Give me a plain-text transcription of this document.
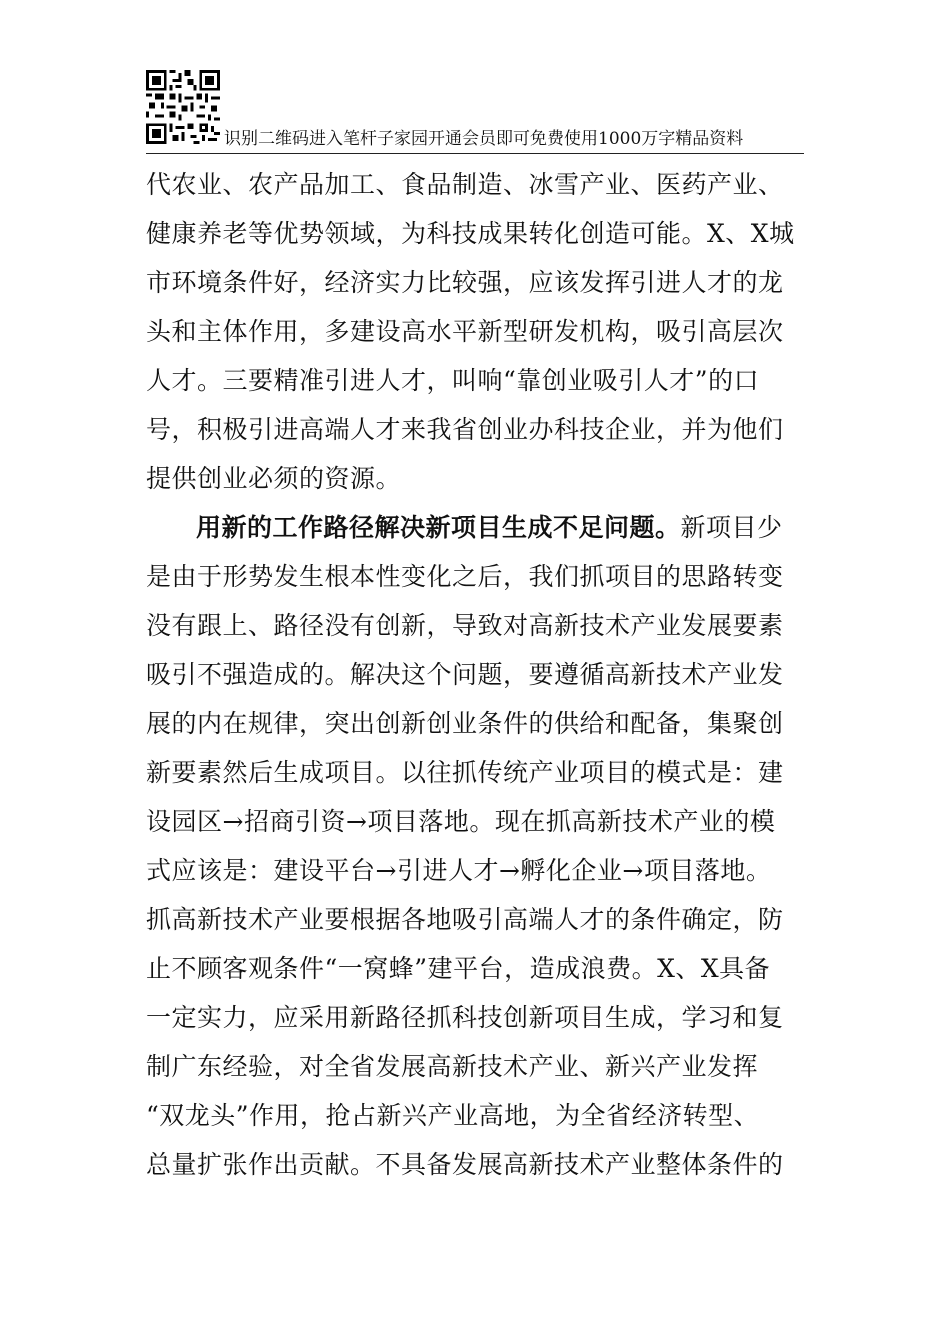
识别二维码进入笔杆子家园开通会员即可免费使用1000万字精品资料
代农业、农产品加工、食品制造、冰雪产业、医药产业、
健康养老等优势领域，为科技成果转化创造可能。X、X城
市环境条件好，经济实力比较强，应该发挥引进人才的龙
头和主体作用，多建设高水平新型研发机构，吸引高层次
人才。三要精准引进人才，叫响“靠创业吸引人才”的口
号，积极引进高端人才来我省创业办科技企业，并为他们
提供创业必须的资源。
用新的工作路径解决新项目生成不足问题。新项目少
是由于形势发生根本性变化之后，我们抓项目的思路转变
没有跟上、路径没有创新，导致对高新技术产业发展要素
吸引不强造成的。解决这个问题，要遵循高新技术产业发
展的内在规律，突出创新创业条件的供给和配备，集聚创
新要素然后生成项目。以往抓传统产业项目的模式是：建
设园区→招商引资→项目落地。现在抓高新技术产业的模
式应该是：建设平台→引进人才→孵化企业→项目落地。
抓高新技术产业要根据各地吸引高端人才的条件确定，防
止不顾客观条件“一窝蜂”建平台，造成浪费。X、X具备
一定实力，应采用新路径抓科技创新项目生成，学习和复
制广东经验，对全省发展高新技术产业、新兴产业发挥
“双龙头”作用，抢占新兴产业高地，为全省经济转型、
总量扩张作出贡献。不具备发展高新技术产业整体条件的
